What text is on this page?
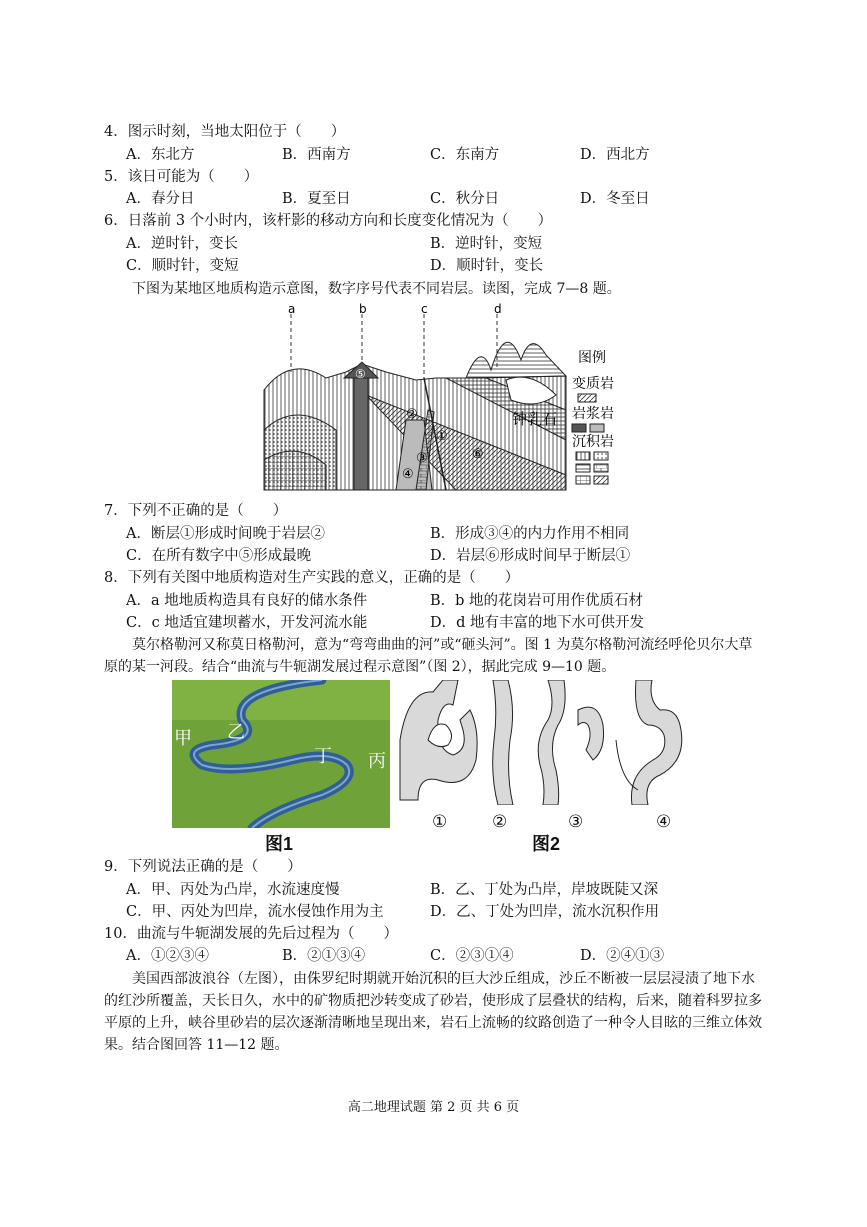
4．图示时刻，当地太阳位于（　　）
A．东北方	B．西南方	C．东南方	D．西北方
5．该日可能为（　　）
A．春分日	B．夏至日	C．秋分日	D．冬至日
6．日落前 3 个小时内，该杆影的移动方向和长度变化情况为（　　）
A．逆时针，变长	B．逆时针，变短
C．顺时针，变短	D．顺时针，变长
下图为某地区地质构造示意图，数字序号代表不同岩层。读图，完成 7—8 题。
a	b	c	d
⑤
②
①
③
④
⑥
钟乳石
图例
变质岩
岩浆岩
沉积岩
7．下列不正确的是（　　）
A．断层①形成时间晚于岩层②	B．形成③④的内力作用不相同
C．在所有数字中⑤形成最晚	D．岩层⑥形成时间早于断层①
8．下列有关图中地质构造对生产实践的意义，正确的是（　　）
A．a 地地质构造具有良好的储水条件	B．b 地的花岗岩可用作优质石材
C．c 地适宜建坝蓄水，开发河流水能	D．d 地有丰富的地下水可供开发
莫尔格勒河又称莫日格勒河，意为“弯弯曲曲的河”或“砸头河”。图 1 为莫尔格勒河流经呼伦贝尔大草原的某一河段。结合“曲流与牛轭湖发展过程示意图”（图 2），据此完成 9—10 题。
甲 乙
丁 丙
图1
①	②	③	④
图2
9．下列说法正确的是（　　）
A．甲、丙处为凸岸，水流速度慢	B．乙、丁处为凸岸，岸坡既陡又深
C．甲、丙处为凹岸，流水侵蚀作用为主	D．乙、丁处为凹岸，流水沉积作用
10．曲流与牛轭湖发展的先后过程为（　　）
A．①②③④	B．②①③④	C．②③①④	D．②④①③
美国西部波浪谷（左图），由侏罗纪时期就开始沉积的巨大沙丘组成，沙丘不断被一层层浸渍了地下水的红沙所覆盖，天长日久，水中的矿物质把沙转变成了砂岩，使形成了层叠状的结构，后来，随着科罗拉多平原的上升，峡谷里砂岩的层次逐渐清晰地呈现出来，岩石上流畅的纹路创造了一种令人目眩的三维立体效果。结合图回答 11—12 题。
高二地理试题 第 2 页 共 6 页
